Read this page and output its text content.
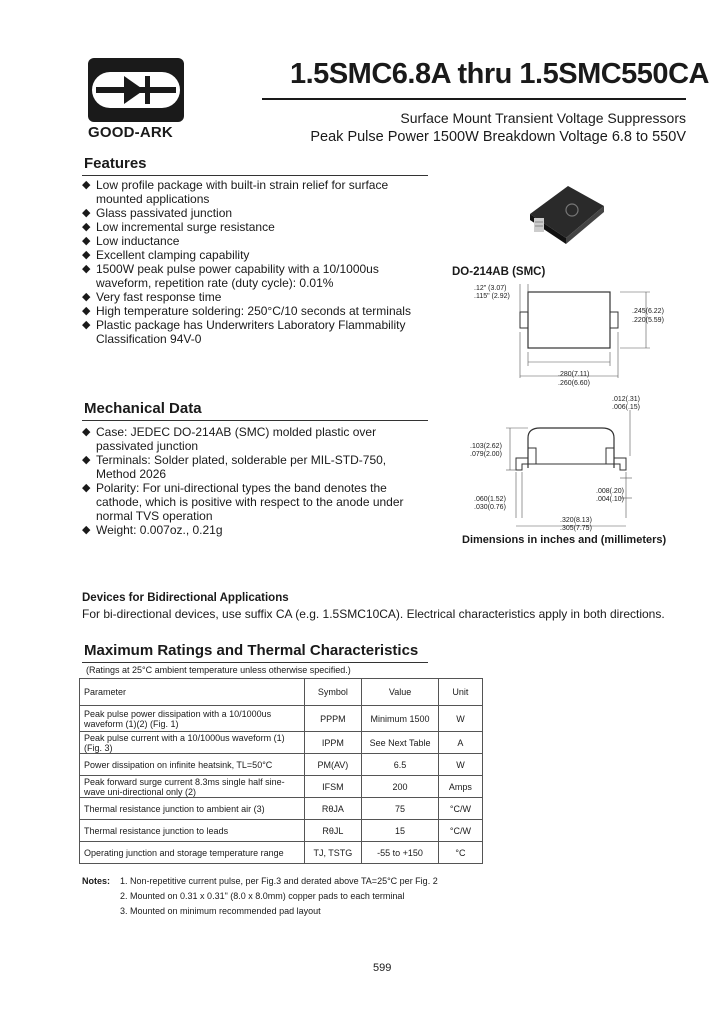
GOOD-ARK
1.5SMC6.8A thru 1.5SMC550CA
Surface Mount Transient Voltage Suppressors
Peak Pulse Power 1500W Breakdown Voltage 6.8 to 550V
Features
◆ Low profile package with built-in strain relief for surface mounted applications
◆ Glass passivated junction
◆ Low incremental surge resistance
◆ Low inductance
◆ Excellent clamping capability
◆ 1500W peak pulse power capability with a 10/1000us waveform, repetition rate (duty cycle): 0.01%
◆ Very fast response time
◆ High temperature soldering: 250°C/10 seconds at terminals
◆ Plastic package has Underwriters Laboratory Flammability Classification 94V-0
Mechanical Data
◆ Case: JEDEC DO-214AB (SMC) molded plastic over passivated junction
◆ Terminals: Solder plated, solderable per MIL-STD-750, Method 2026
◆ Polarity: For uni-directional types the band denotes the cathode, which is positive with respect to the anode under normal TVS operation
◆ Weight: 0.007oz., 0.21g
DO-214AB (SMC)
.12" (3.07)
.115" (2.92)
.245(6.22)
.220(5.59)
.280(7.11)
.260(6.60)
.012(.31)
.006(.15)
.103(2.62)
.079(2.00)
.008(.20)
.004(.10)
.060(1.52)
.030(0.76)
.320(8.13)
.305(7.75)
Dimensions in inches and (millimeters)
Devices for Bidirectional Applications
For bi-directional devices, use suffix CA (e.g. 1.5SMC10CA). Electrical characteristics apply in both directions.
Maximum Ratings and Thermal Characteristics
(Ratings at 25°C ambient temperature unless otherwise specified.)
Parameter	Symbol	Value	Unit
Peak pulse power dissipation with a 10/1000us waveform (1)(2) (Fig. 1)	PPPM	Minimum 1500	W
Peak pulse current with a 10/1000us waveform (1) (Fig. 3)	IPPM	See Next Table	A
Power dissipation on infinite heatsink, TL=50°C	PM(AV)	6.5	W
Peak forward surge current 8.3ms single half sine-wave uni-directional only (2)	IFSM	200	Amps
Thermal resistance junction to ambient air (3)	RθJA	75	°C/W
Thermal resistance junction to leads	RθJL	15	°C/W
Operating junction and storage temperature range	TJ, TSTG	-55 to +150	°C
Notes: 1. Non-repetitive current pulse, per Fig.3 and derated above TA=25°C per Fig. 2
2. Mounted on 0.31 x 0.31" (8.0 x 8.0mm) copper pads to each terminal
3. Mounted on minimum recommended pad layout
599
